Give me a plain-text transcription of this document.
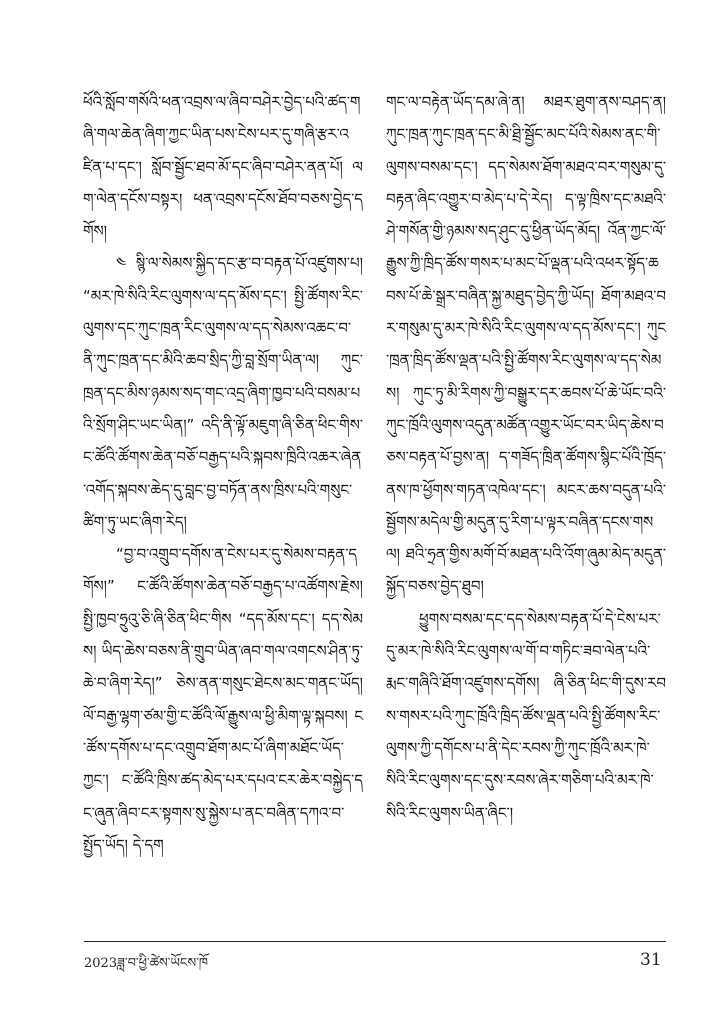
ཕོའི་སློབ་གསོའི་ཕན་འབྲས་ལ་ཞིབ་བཤེར་བྱེད་པའི་ཚད་གཞི་གལ་ཆེན་ཞིག་ཀྱང་ཡིན་པས་ངེས་པར་དུ་གཞི་རྩར་འཛིན་པ་དང་། སློབ་སྦྱོང་ཐབ་མོ་དང་ཞིབ་བཤེར་ནན་པོ། ལག་ལེན་དངོས་བསྟར། ཕན་འབྲས་དངོས་ཐོབ་བཅས་བྱེད་དགོས།

༤ སྙི་ལ་སེམས་སྐྱིད་དང་རྩ་བ་བརྟན་པོ་འཛུགས་པ། “མར་ཁེ་སིའི་རིང་ལུགས་ལ་དད་མོས་དང་། སྤྱི་ཚོགས་རིང་ལུགས་དང་ཀུང་ཁྲན་རིང་ལུགས་ལ་དད་སེམས་འཆང་བ་ནི་ཀུང་ཁྲན་དང་མིའི་ཆབ་སྲིད་ཀྱི་བླ་སྲོག་ཡིན་ལ། ཀུང་ཁྲན་དང་མིས་ཉམས་སད་གང་འདྲ་ཞིག་ཁྱབ་པའི་བསམ་པའི་སྲོག་ཤིང་ཡང་ཡིན།” འདི་ནི་ལྟོ་མཇུག་ཞི་ཅིན་ཕིང་གིས་ང་ཚོའི་ཚོགས་ཆེན་བཅོ་བརྒྱད་པའི་སྐབས་ཁྲིའི་འཆར་ཞེན་འགོད་སྐབས་ཆེད་དུ་བླང་བྱ་བཏོན་ནས་ཁྲིས་པའི་གསུང་ཚིག་ཏུ་ཡང་ཞིག་རེད།

“བྱ་བ་འགྲུབ་དགོས་ན་ངེས་པར་དུ་སེམས་བརྟན་དགོས།” ང་ཚོའི་ཚོགས་ཆེན་བཅོ་བརྒྱད་པ་འཚོགས་རྗེས། སྤྱི་ཁྱབ་ཧྲུའུ་ཅི་ཞི་ཅིན་ཕིང་གིས “དད་མོས་དང་། དད་སེམས། ཡིད་ཆེས་བཅས་ནི་གྲུབ་ཡིན་ཞབ་གལ་འགངས་ཤིན་ཏུ་ཆེ་བ་ཞིག་རེད།” ཅེས་ནན་གསུང་ཐེངས་མང་གནང་ཡོད། ལོ་བརྒྱ་ལྷག་ཙམ་གྱི་ང་ཚོའི་ལོ་རྒྱུས་ལ་ཕྱི་མིག་ལྟ་སྐབས། ང་ཚོས་དགོས་པ་དང་འགྲུབ་ཐོག་མང་པོ་ཞིག་མཐོང་ཡོད་ཀྱང་། ང་ཚོའི་ཁྲིས་ཚད་མེད་པར་དཔའ་ངར་ཆེར་བསྐྱེད་དང་ཞུན་ཞིབ་ངར་སྟགས་སུ་སྐྱེས་པ་ནང་བཞིན་དཀའ་བ་སྤྱོད་ཡོད། དེ་དག

གང་ལ་བརྟེན་ཡོད་དམ་ཞེ་ན། མཐར་ཐུག་ནས་བཤད་ན། ཀུང་ཁྲན་ཀུང་ཁྲན་དང་མི་ཐྲི་སྦྱོང་མང་པོའི་སེམས་ནང་གི་ལུགས་བསམ་དང་། དད་སེམས་ཐོག་མཐའ་བར་གསུམ་དུ་བརྟན་ཞིང་འགྱུར་བ་མེད་པ་དེ་རེད། ད་ལྟ་ཁྲིས་དང་མཐའི་ཤེ་གསོན་གྱི་ཉམས་སད་ཤུང་དུ་ཕྱིན་ཡོད་མོད། འོན་ཀྱང་ལོ་རྒྱུས་ཀྱི་ཁྲིད་ཚོས་གསར་པ་མང་པོ་ལྡན་པའི་འཕར་སྟོད་ཆབས་པོ་ཆེ་སྒྲར་བཞིན་སྐྱ་མཐུད་བྱེད་ཀྱི་ཡོད། ཐོག་མཐའ་བར་གསུམ་དུ་མར་ཁེ་སིའི་རིང་ལུགས་ལ་དད་མོས་དང་། ཀུང་ཁྲན་ཁྲིད་ཚོས་ལྡན་པའི་སྤྱི་ཚོགས་རིང་ལུགས་ལ་དད་སེམས། ཀུང་ཏུ་མི་རིགས་ཀྱི་བསྒྱུར་དར་ཆབས་པོ་ཆེ་ཡོང་བའི་ཀུང་ཁྲོའི་ལུགས་འདུན་མཚོན་འགྱུར་ཡོང་བར་ཡིད་ཆེས་བཅས་བརྟན་པོ་བྱས་ན། ད་གཟོད་ཁྲིན་ཚོགས་སྙིང་པོའི་ཁྲོད་ནས་ཁ་ཕྱོགས་གཏན་འཁེལ་དང་། མངར་ཆས་བདུན་པའི་སྦྱོགས་མདེལ་གྱི་མདུན་དུ་རིག་པ་ལྟར་བཞིན་དངས་གསལ། ཐའི་ཧྲན་གྱིས་མགོ་བོ་མཐན་པའི་འོག་ཞུམ་མེད་མདུན་སྐྱོད་བཅས་བྱེད་ཐུབ།

ཕྱུགས་བསམ་དང་དད་སེམས་བརྟན་པོ་དེ་ངེས་པར་དུ་མར་ཁེ་སིའི་རིང་ལུགས་ལ་གོ་བ་གཏིང་ཟབ་ལེན་པའི་རྨང་གཞིའི་ཐོག་འཛུགས་དགོས། ཞི་ཅིན་ཕིང་གི་དུས་རབས་གསར་པའི་ཀུང་ཁྲོའི་ཁྲིད་ཚོས་ལྡན་པའི་སྤྱི་ཚོགས་རིང་ལུགས་ཀྱི་དགོངས་པ་ནི་དེང་རབས་ཀྱི་ཀུང་ཁྲོའི་མར་ཁེ་སིའི་རིང་ལུགས་དང་དུས་རབས་ཞེར་གཅིག་པའི་མར་ཁེ་སིའི་རིང་ལུགས་ཡིན་ཞིང་།

2023ཟླ་བ་ཕྱི་ཚེས་ཡོངས་ཁོ	31
